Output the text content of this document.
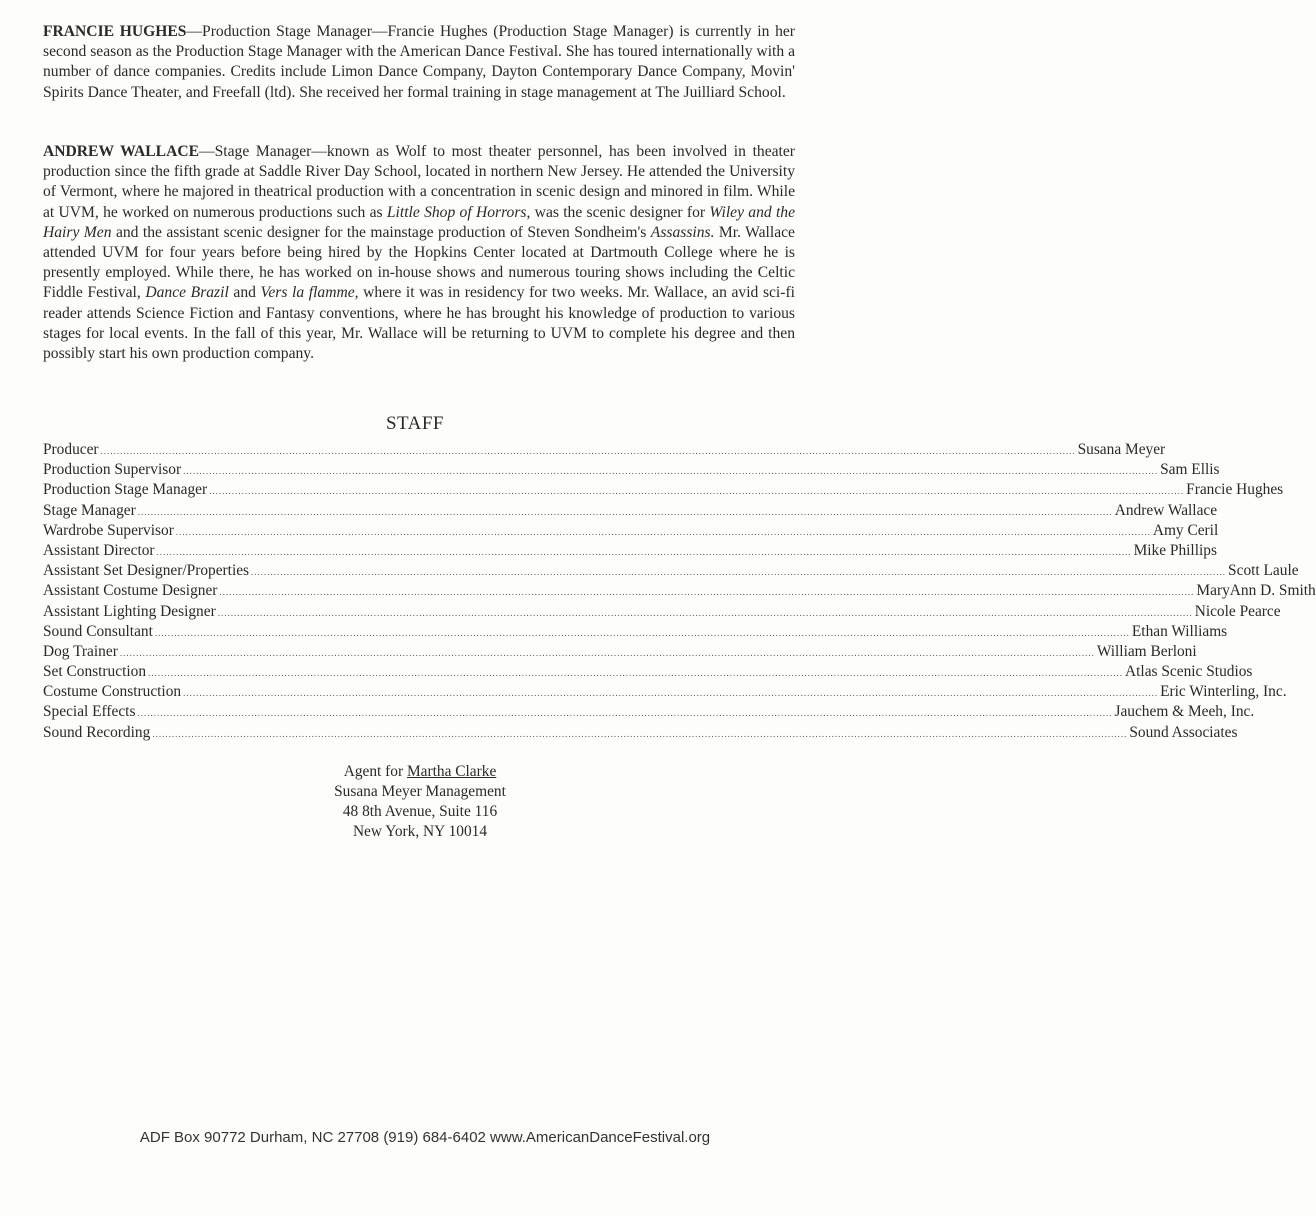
FRANCIE HUGHES—Production Stage Manager—Francie Hughes (Production Stage Manager) is currently in her second season as the Production Stage Manager with the American Dance Festival. She has toured internationally with a number of dance companies. Credits include Limon Dance Company, Dayton Contemporary Dance Company, Movin' Spirits Dance Theater, and Freefall (ltd). She received her formal training in stage management at The Juilliard School.

ANDREW WALLACE—Stage Manager—known as Wolf to most theater personnel, has been involved in theater production since the fifth grade at Saddle River Day School, located in northern New Jersey. He attended the University of Vermont, where he majored in theatrical production with a concentration in scenic design and minored in film. While at UVM, he worked on numerous productions such as Little Shop of Horrors, was the scenic designer for Wiley and the Hairy Men and the assistant scenic designer for the mainstage production of Steven Sondheim's Assassins. Mr. Wallace attended UVM for four years before being hired by the Hopkins Center located at Dartmouth College where he is presently employed. While there, he has worked on in-house shows and numerous touring shows including the Celtic Fiddle Festival, Dance Brazil and Vers la flamme, where it was in residency for two weeks. Mr. Wallace, an avid sci-fi reader attends Science Fiction and Fantasy conventions, where he has brought his knowledge of production to various stages for local events. In the fall of this year, Mr. Wallace will be returning to UVM to complete his degree and then possibly start his own production company.

STAFF
Producer ............................................................................................................................................................................................................................................................................................................ Susana Meyer
Production Supervisor ............................................................................................................................................................................................................................................................................................................ Sam Ellis
Production Stage Manager ............................................................................................................................................................................................................................................................................................................ Francie Hughes
Stage Manager ............................................................................................................................................................................................................................................................................................................ Andrew Wallace
Wardrobe Supervisor ............................................................................................................................................................................................................................................................................................................ Amy Ceril
Assistant Director ............................................................................................................................................................................................................................................................................................................ Mike Phillips
Assistant Set Designer/Properties ............................................................................................................................................................................................................................................................................................................ Scott Laule
Assistant Costume Designer ............................................................................................................................................................................................................................................................................................................ MaryAnn D. Smith
Assistant Lighting Designer ............................................................................................................................................................................................................................................................................................................ Nicole Pearce
Sound Consultant ............................................................................................................................................................................................................................................................................................................ Ethan Williams
Dog Trainer ............................................................................................................................................................................................................................................................................................................ William Berloni
Set Construction ............................................................................................................................................................................................................................................................................................................ Atlas Scenic Studios
Costume Construction ............................................................................................................................................................................................................................................................................................................ Eric Winterling, Inc.
Special Effects ............................................................................................................................................................................................................................................................................................................ Jauchem & Meeh, Inc.
Sound Recording ............................................................................................................................................................................................................................................................................................................ Sound Associates
Agent for Martha Clarke
Susana Meyer Management
48 8th Avenue, Suite 116
New York, NY 10014
ADF Box 90772 Durham, NC 27708 (919) 684-6402 www.AmericanDanceFestival.org
